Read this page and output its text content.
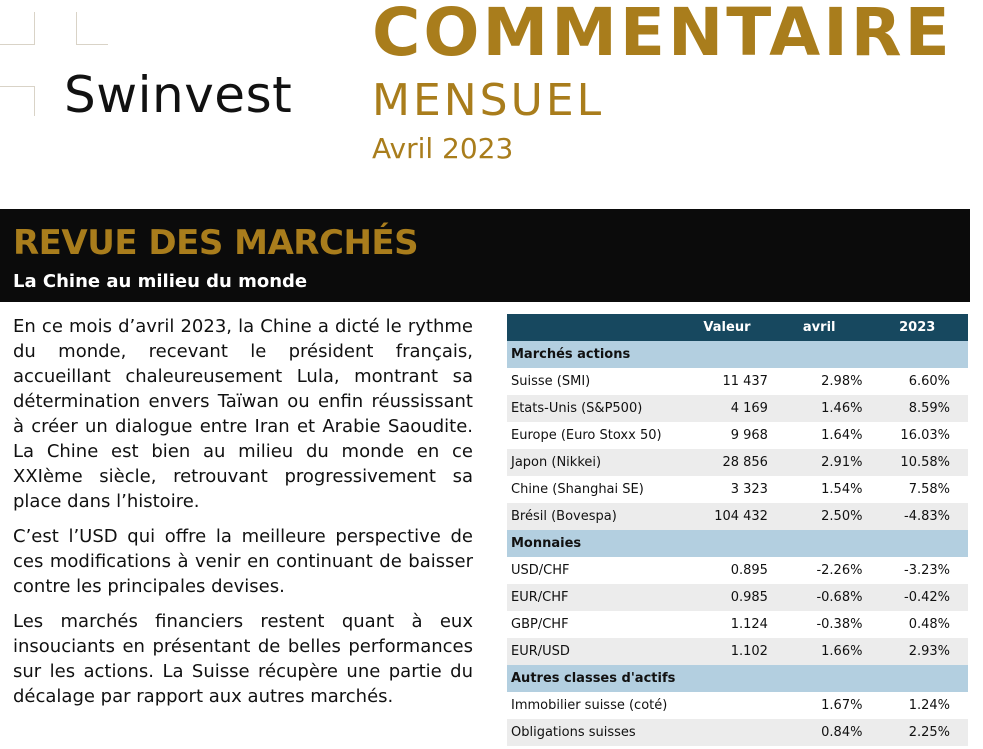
Swinvest
COMMENTAIRE
MENSUEL
Avril 2023
REVUE DES MARCHÉS
La Chine au milieu du monde

En ce mois d’avril 2023, la Chine a dicté le rythme du monde, recevant le président français, accueillant chaleureusement Lula, montrant sa détermination envers Taïwan ou enfin réussissant à créer un dialogue entre Iran et Arabie Saoudite. La Chine est bien au milieu du monde en ce XXIème siècle, retrouvant progressivement sa place dans l’histoire.

C’est l’USD qui offre la meilleure perspective de ces modifications à venir en continuant de baisser contre les principales devises.

Les marchés financiers restent quant à eux insouciants en présentant de belles performances sur les actions. La Suisse récupère une partie du décalage par rapport aux autres marchés.

	Valeur	avril	2023
Marchés actions			
Suisse (SMI)	11 437	2.98%	6.60%
Etats-Unis (S&P500)	4 169	1.46%	8.59%
Europe (Euro Stoxx 50)	9 968	1.64%	16.03%
Japon (Nikkei)	28 856	2.91%	10.58%
Chine (Shanghai SE)	3 323	1.54%	7.58%
Brésil (Bovespa)	104 432	2.50%	-4.83%
Monnaies			
USD/CHF	0.895	-2.26%	-3.23%
EUR/CHF	0.985	-0.68%	-0.42%
GBP/CHF	1.124	-0.38%	0.48%
EUR/USD	1.102	1.66%	2.93%
Autres classes d'actifs			
Immobilier suisse (coté)		1.67%	1.24%
Obligations suisses		0.84%	2.25%
